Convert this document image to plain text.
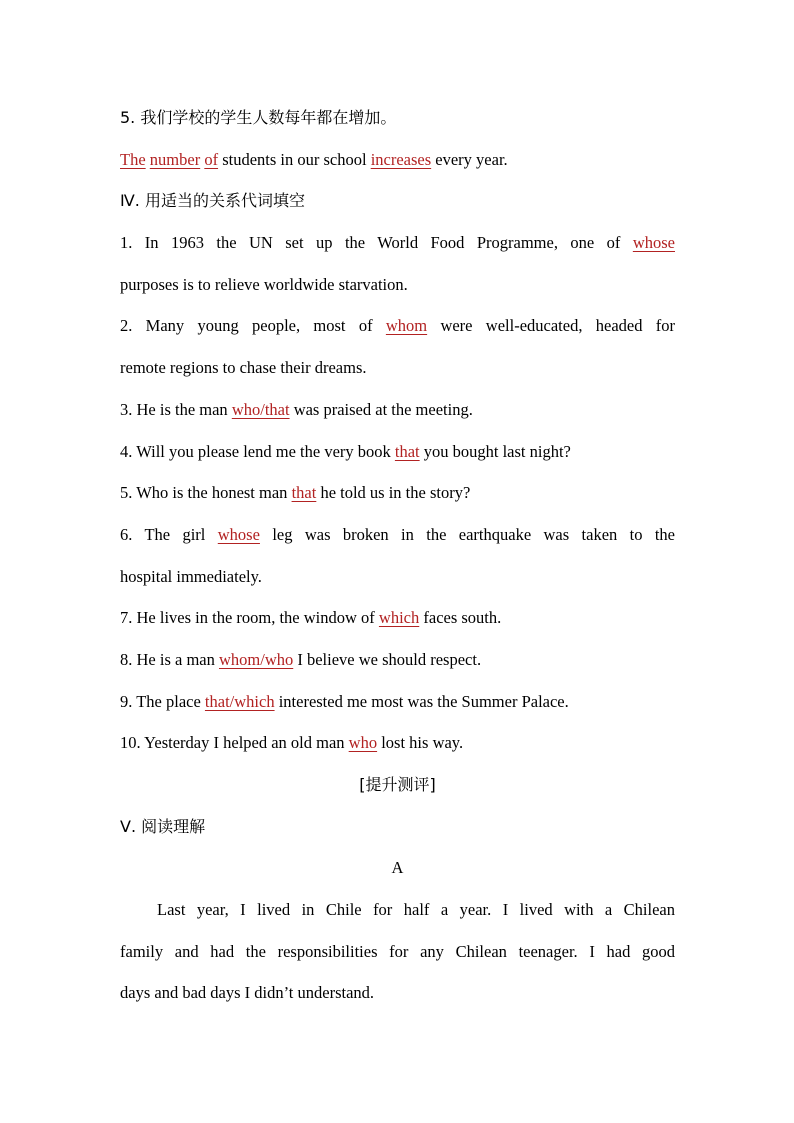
5. 我们学校的学生人数每年都在增加。
The number of students in our school increases every year.
Ⅳ. 用适当的关系代词填空
1. In 1963 the UN set up the World Food Programme, one of whose
purposes is to relieve worldwide starvation.
2. Many young people, most of whom were well-educated, headed for
remote regions to chase their dreams.
3. He is the man who/that was praised at the meeting.
4. Will you please lend me the very book that you bought last night?
5. Who is the honest man that he told us in the story?
6. The girl whose leg was broken in the earthquake was taken to the
hospital immediately.
7. He lives in the room, the window of which faces south.
8. He is a man whom/who I believe we should respect.
9. The place that/which interested me most was the Summer Palace.
10. Yesterday I helped an old man who lost his way.
[提升测评]
Ⅴ. 阅读理解
A
Last year, I lived in Chile for half a year. I lived with a Chilean
family and had the responsibilities for any Chilean teenager. I had good
days and bad days I didn’t understand.
